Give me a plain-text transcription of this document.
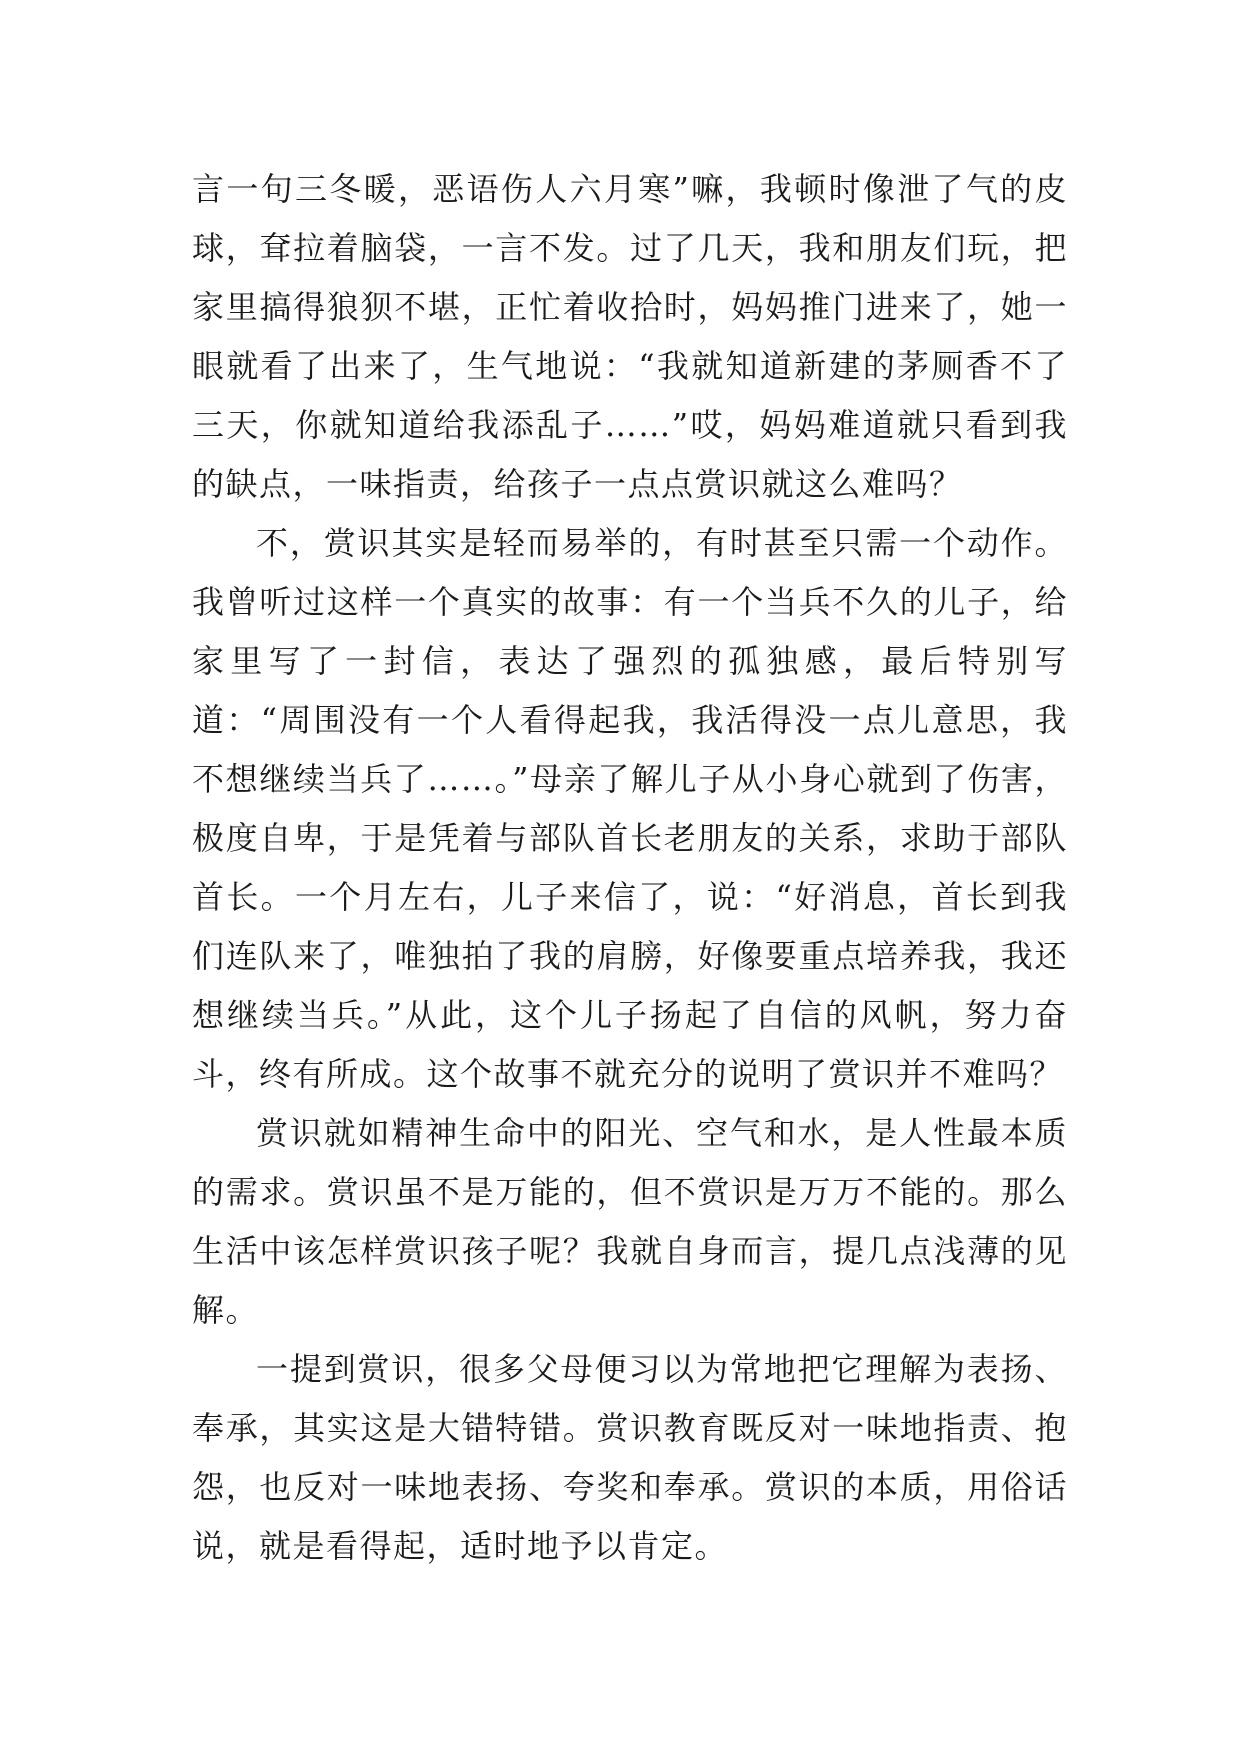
言一句三冬暖，恶语伤人六月寒”嘛，我顿时像泄了气的皮球，耷拉着脑袋，一言不发。过了几天，我和朋友们玩，把家里搞得狼狈不堪，正忙着收拾时，妈妈推门进来了，她一眼就看了出来了，生气地说：“我就知道新建的茅厕香不了三天，你就知道给我添乱子……”哎，妈妈难道就只看到我的缺点，一味指责，给孩子一点点赏识就这么难吗？

不，赏识其实是轻而易举的，有时甚至只需一个动作。我曾听过这样一个真实的故事：有一个当兵不久的儿子，给家里写了一封信，表达了强烈的孤独感，最后特别写道：“周围没有一个人看得起我，我活得没一点儿意思，我不想继续当兵了……。”母亲了解儿子从小身心就到了伤害，极度自卑，于是凭着与部队首长老朋友的关系，求助于部队首长。一个月左右，儿子来信了，说：“好消息，首长到我们连队来了，唯独拍了我的肩膀，好像要重点培养我，我还想继续当兵。”从此，这个儿子扬起了自信的风帆，努力奋斗，终有所成。这个故事不就充分的说明了赏识并不难吗？

赏识就如精神生命中的阳光、空气和水，是人性最本质的需求。赏识虽不是万能的，但不赏识是万万不能的。那么生活中该怎样赏识孩子呢？我就自身而言，提几点浅薄的见解。

一提到赏识，很多父母便习以为常地把它理解为表扬、奉承，其实这是大错特错。赏识教育既反对一味地指责、抱怨，也反对一味地表扬、夸奖和奉承。赏识的本质，用俗话说，就是看得起，适时地予以肯定。
